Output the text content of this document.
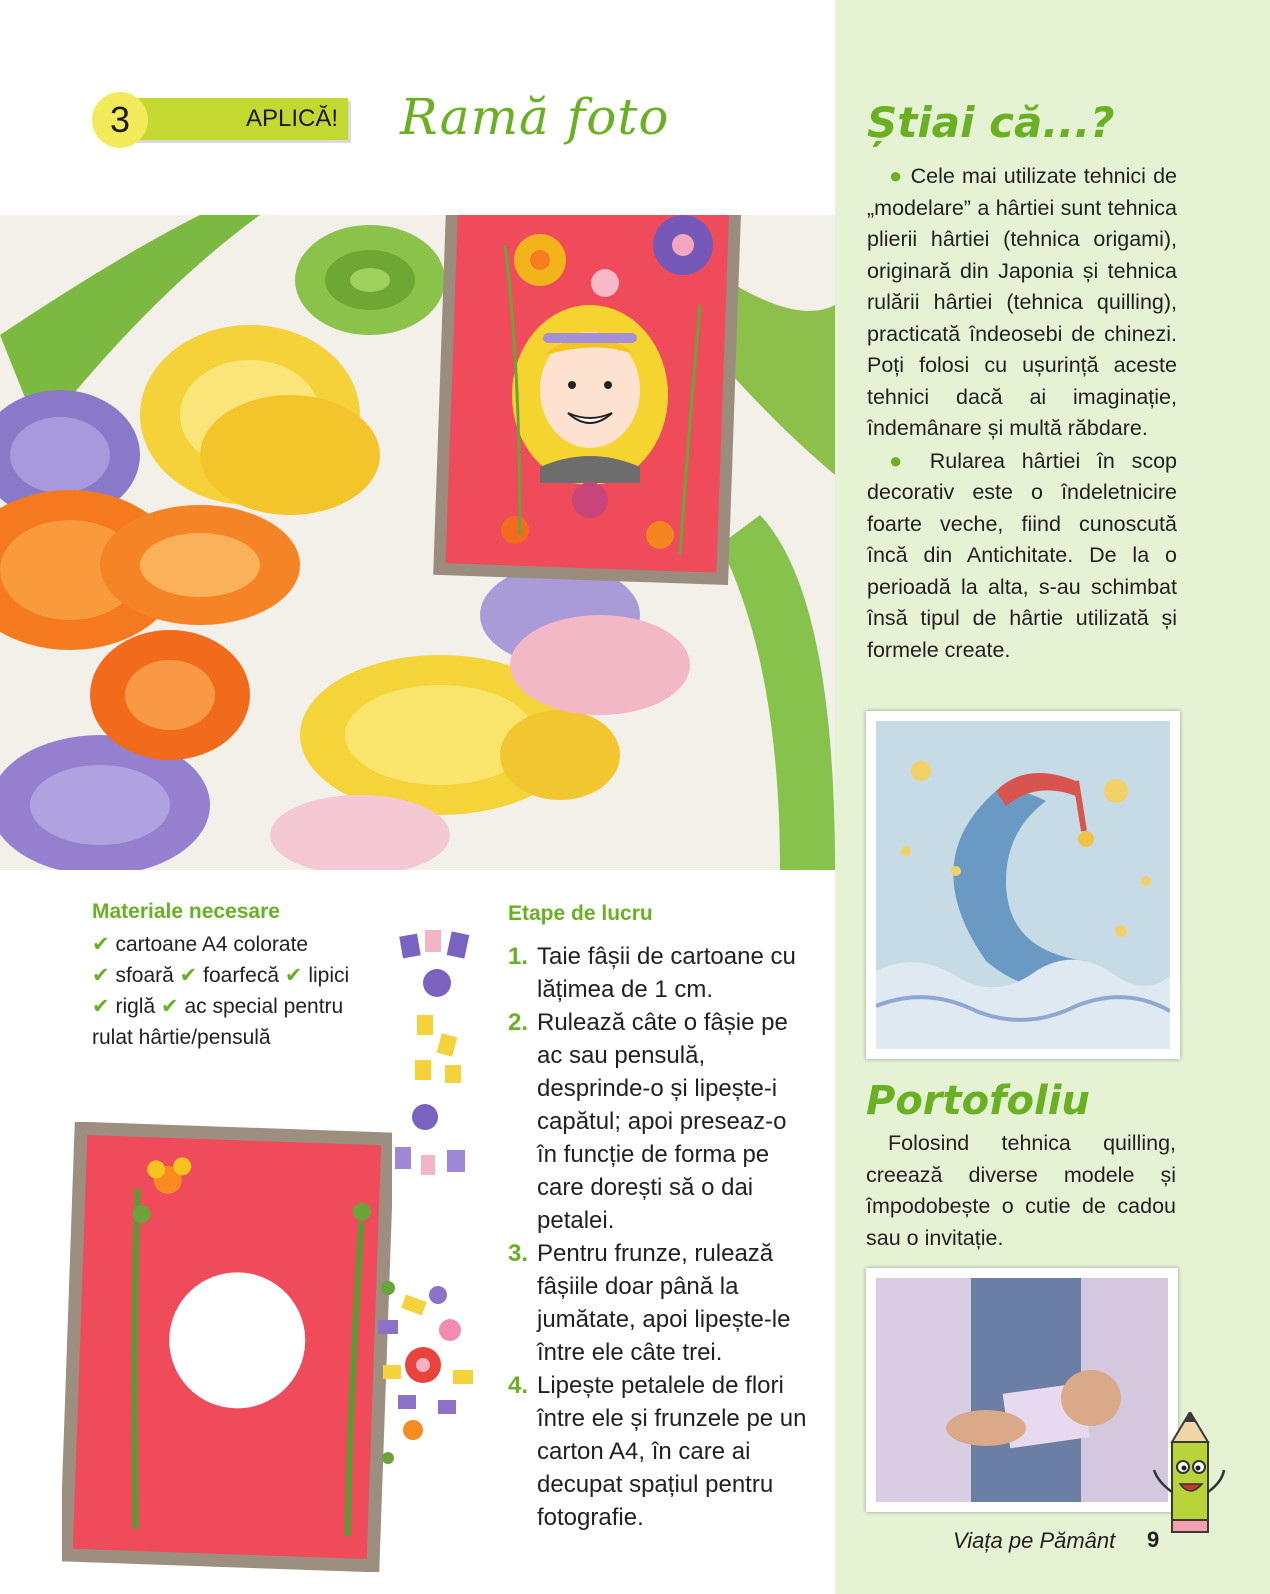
3	APLICĂ! Ramă foto
Materiale necesare
✔ cartoane A4 colorate
✔ sfoară ✔ foarfecă ✔ lipici
✔ riglă ✔ ac special pentru
rulat hârtie/pensulă
Etape de lucru
1. Taie fâșii de cartoane cu lățimea de 1 cm.
2. Rulează câte o fâșie pe ac sau pensulă, desprinde-o și lipește-i capătul; apoi preseaz-o în funcție de forma pe care dorești să o dai petalei.
3. Pentru frunze, rulează fâșiile doar până la jumătate, apoi lipește-le între ele câte trei.
4. Lipește petalele de flori între ele și frunzele pe un carton A4, în care ai decupat spațiul pentru fotografie.
Știai că...?

● Cele mai utilizate tehnici de „modelare” a hârtiei sunt tehnica plierii hârtiei (tehnica origami), originară din Japonia și tehnica rulării hârtiei (tehnica quilling), practicată îndeosebi de chinezi. Poți folosi cu ușurință aceste tehnici dacă ai imaginație, îndemânare și multă răbdare.

● Rularea hârtiei în scop decorativ este o îndeletnicire foarte veche, fiind cunoscută încă din Antichitate. De la o perioadă la alta, s-au schimbat însă tipul de hârtie utilizată și formele create.

Portofoliu

Folosind tehnica quilling, creează diverse modele și împodobește o cutie de cadou sau o invitație.

Viața pe Pământ 9
